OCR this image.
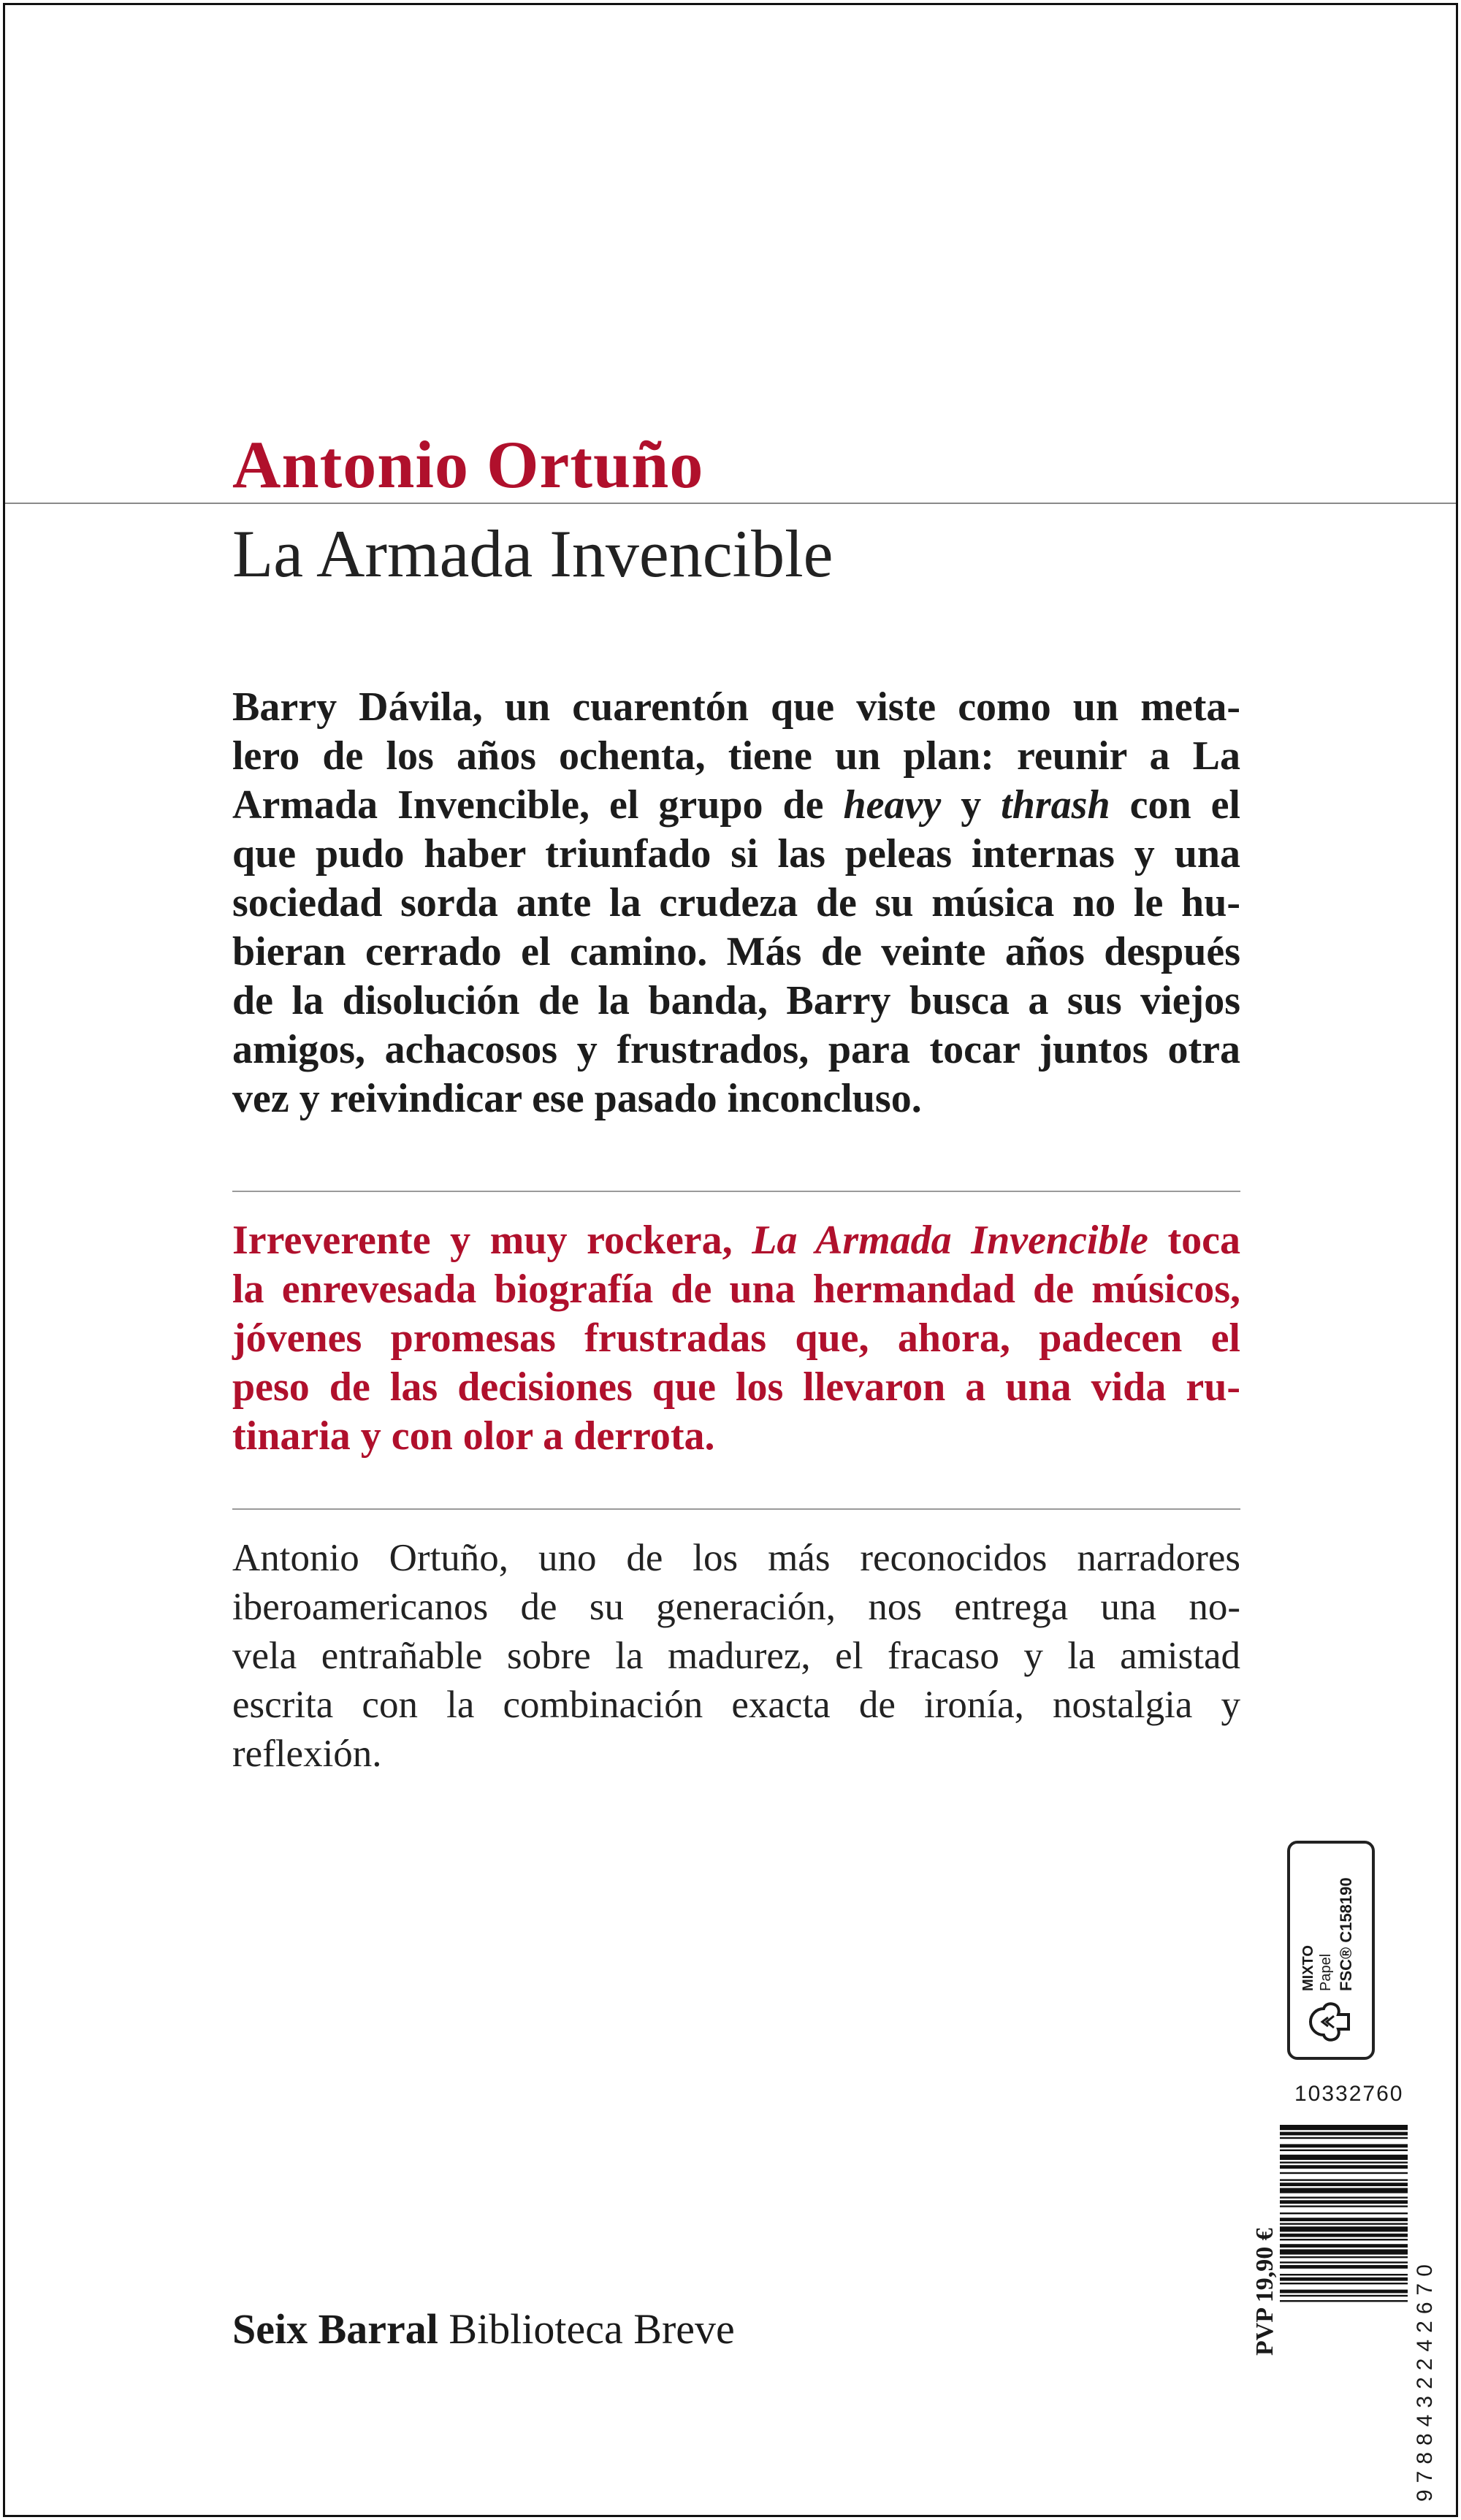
Antonio Ortuño
La Armada Invencible
Barry Dávila, un cuarentón que viste como un meta-
lero de los años ochenta, tiene un plan: reunir a La
Armada Invencible, el grupo de heavy y thrash con el
que pudo haber triunfado si las peleas internas y una
sociedad sorda ante la crudeza de su música no le hu-
bieran cerrado el camino. Más de veinte años después
de la disolución de la banda, Barry busca a sus viejos
amigos, achacosos y frustrados, para tocar juntos otra
vez y reivindicar ese pasado inconcluso.
Irreverente y muy rockera, La Armada Invencible toca
la enrevesada biografía de una hermandad de músicos,
jóvenes promesas frustradas que, ahora, padecen el
peso de las decisiones que los llevaron a una vida ru-
tinaria y con olor a derrota.
Antonio Ortuño, uno de los más reconocidos narradores
iberoamericanos de su generación, nos entrega una no-
vela entrañable sobre la madurez, el fracaso y la amistad
escrita con la combinación exacta de ironía, nostalgia y
reflexión.
MIXTO Papel FSC® C158190
10332760
PVP 19,90 €	9788432242670
Seix Barral Biblioteca Breve
